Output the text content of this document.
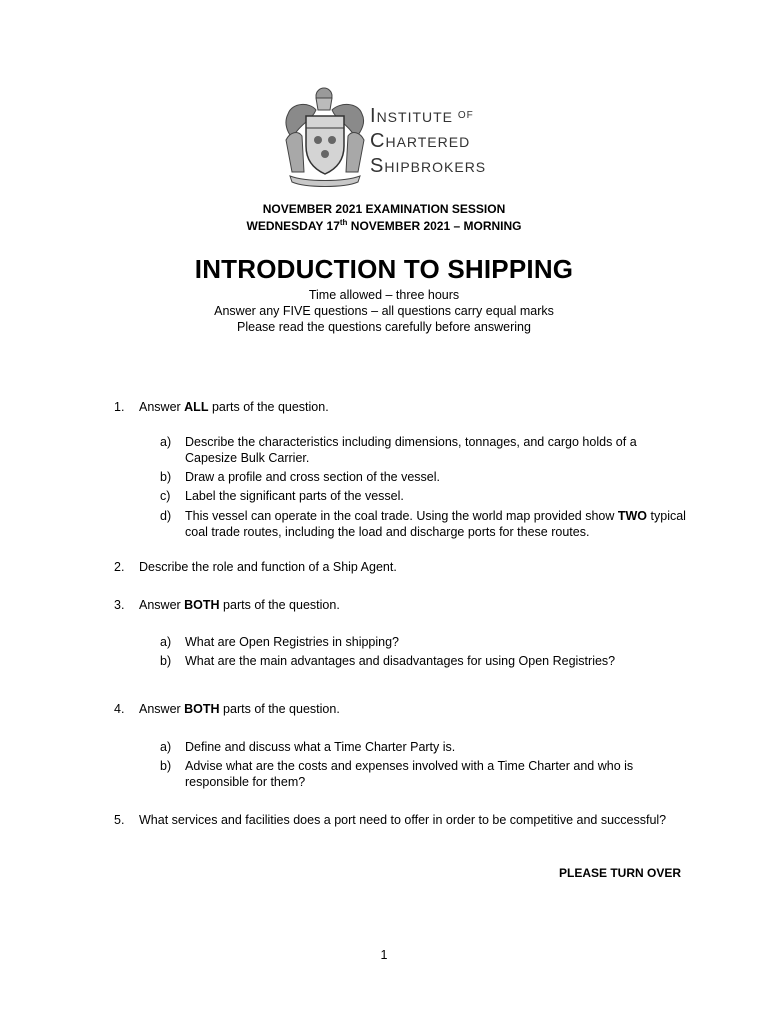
INSTITUTE $^{OF}$
CHARTERED
SHIPBROKERS
NOVEMBER 2021 EXAMINATION SESSION
WEDNESDAY 17th NOVEMBER 2021 – MORNING
INTRODUCTION TO SHIPPING
Time allowed – three hours
Answer any FIVE questions – all questions carry equal marks
Please read the questions carefully before answering
1. Answer ALL parts of the question.
a) Describe the characteristics including dimensions, tonnages, and cargo holds of a Capesize Bulk Carrier.
b) Draw a profile and cross section of the vessel.
c) Label the significant parts of the vessel.
d) This vessel can operate in the coal trade. Using the world map provided show TWO typical coal trade routes, including the load and discharge ports for these routes.
2. Describe the role and function of a Ship Agent.
3. Answer BOTH parts of the question.
a) What are Open Registries in shipping?
b) What are the main advantages and disadvantages for using Open Registries?
4. Answer BOTH parts of the question.
a) Define and discuss what a Time Charter Party is.
b) Advise what are the costs and expenses involved with a Time Charter and who is responsible for them?
5. What services and facilities does a port need to offer in order to be competitive and successful?
PLEASE TURN OVER
1
